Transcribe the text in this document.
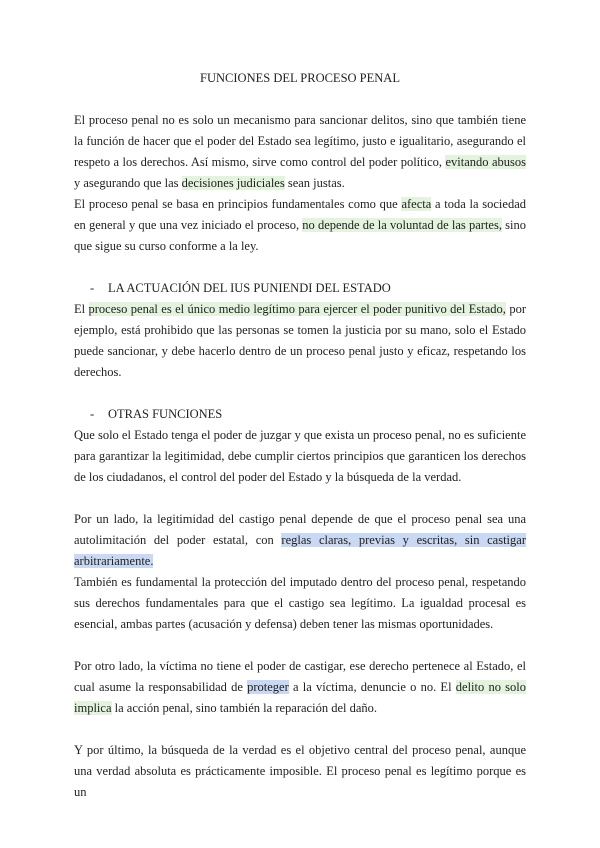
FUNCIONES DEL PROCESO PENAL

El proceso penal no es solo un mecanismo para sancionar delitos, sino que también tiene la función de hacer que el poder del Estado sea legítimo, justo e igualitario, asegurando el respeto a los derechos. Así mismo, sirve como control del poder político, evitando abusos y asegurando que las decisiones judiciales sean justas.

El proceso penal se basa en principios fundamentales como que afecta a toda la sociedad en general y que una vez iniciado el proceso, no depende de la voluntad de las partes, sino que sigue su curso conforme a la ley.

-	LA ACTUACIÓN DEL IUS PUNIENDI DEL ESTADO

El proceso penal es el único medio legítimo para ejercer el poder punitivo del Estado, por ejemplo, está prohibido que las personas se tomen la justicia por su mano, solo el Estado puede sancionar, y debe hacerlo dentro de un proceso penal justo y eficaz, respetando los derechos.

-	OTRAS FUNCIONES

Que solo el Estado tenga el poder de juzgar y que exista un proceso penal, no es suficiente para garantizar la legitimidad, debe cumplir ciertos principios que garanticen los derechos de los ciudadanos, el control del poder del Estado y la búsqueda de la verdad.

Por un lado, la legitimidad del castigo penal depende de que el proceso penal sea una autolimitación del poder estatal, con reglas claras, previas y escritas, sin castigar arbitrariamente.

También es fundamental la protección del imputado dentro del proceso penal, respetando sus derechos fundamentales para que el castigo sea legítimo. La igualdad procesal es esencial, ambas partes (acusación y defensa) deben tener las mismas oportunidades.

Por otro lado, la víctima no tiene el poder de castigar, ese derecho pertenece al Estado, el cual asume la responsabilidad de proteger a la víctima, denuncie o no. El delito no solo implica la acción penal, sino también la reparación del daño.

Y por último, la búsqueda de la verdad es el objetivo central del proceso penal, aunque una verdad absoluta es prácticamente imposible. El proceso penal es legítimo porque es un
